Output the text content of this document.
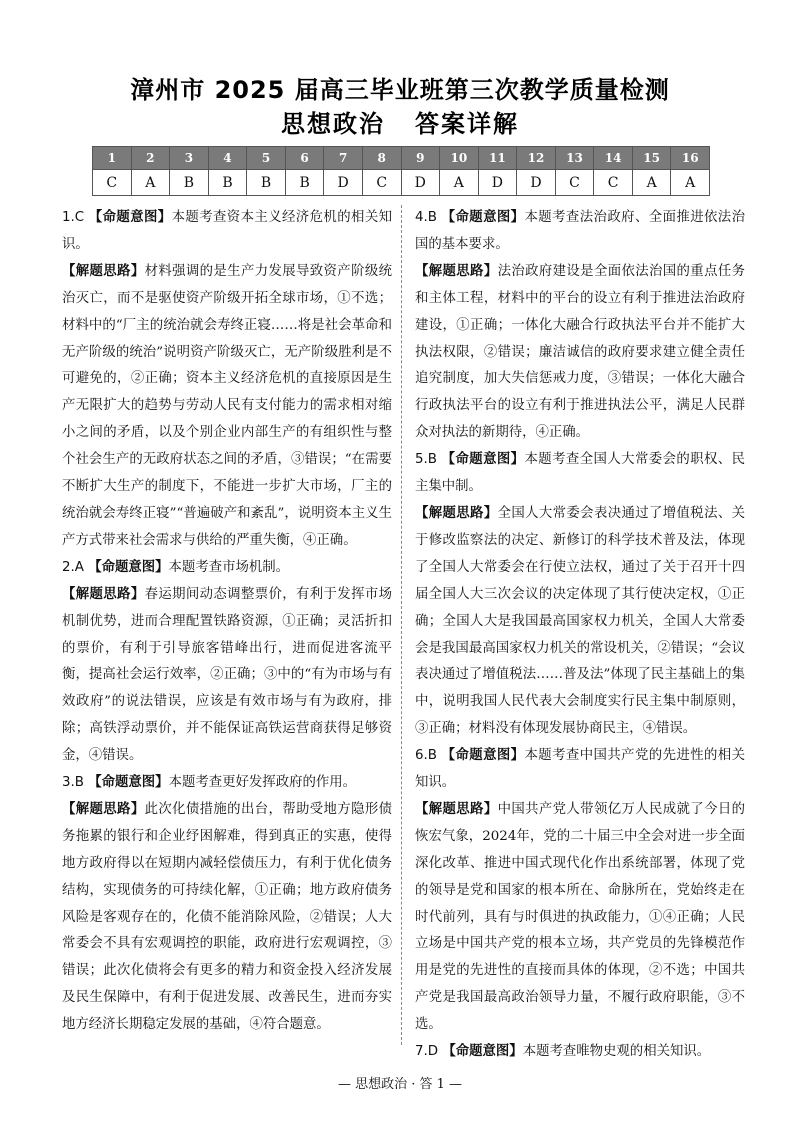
漳州市 2025 届高三毕业班第三次教学质量检测
思想政治 答案详解
1	2	3	4	5	6	7	8	9	10	11	12	13	14	15	16
C	A	B	B	B	B	D	C	D	A	D	D	C	C	A	A

1.C 【命题意图】本题考查资本主义经济危机的相关知识。

【解题思路】材料强调的是生产力发展导致资产阶级统治灭亡，而不是驱使资产阶级开拓全球市场，①不选；材料中的“厂主的统治就会寿终正寝……将是社会革命和无产阶级的统治”说明资产阶级灭亡，无产阶级胜利是不可避免的，②正确；资本主义经济危机的直接原因是生产无限扩大的趋势与劳动人民有支付能力的需求相对缩小之间的矛盾，以及个别企业内部生产的有组织性与整个社会生产的无政府状态之间的矛盾，③错误；“在需要不断扩大生产的制度下，不能进一步扩大市场，厂主的统治就会寿终正寝”“普遍破产和紊乱”，说明资本主义生产方式带来社会需求与供给的严重失衡，④正确。

2.A 【命题意图】本题考查市场机制。

【解题思路】春运期间动态调整票价，有利于发挥市场机制优势，进而合理配置铁路资源，①正确；灵活折扣的票价，有利于引导旅客错峰出行，进而促进客流平衡，提高社会运行效率，②正确；③中的“有为市场与有效政府”的说法错误，应该是有效市场与有为政府，排除；高铁浮动票价，并不能保证高铁运营商获得足够资金，④错误。

3.B 【命题意图】本题考查更好发挥政府的作用。

【解题思路】此次化债措施的出台，帮助受地方隐形债务拖累的银行和企业纾困解难，得到真正的实惠，使得地方政府得以在短期内减轻偿债压力，有利于优化债务结构，实现债务的可持续化解，①正确；地方政府债务风险是客观存在的，化债不能消除风险，②错误；人大常委会不具有宏观调控的职能，政府进行宏观调控，③错误；此次化债将会有更多的精力和资金投入经济发展及民生保障中，有利于促进发展、改善民生，进而夯实地方经济长期稳定发展的基础，④符合题意。

4.B 【命题意图】本题考查法治政府、全面推进依法治国的基本要求。

【解题思路】法治政府建设是全面依法治国的重点任务和主体工程，材料中的平台的设立有利于推进法治政府建设，①正确；一体化大融合行政执法平台并不能扩大执法权限，②错误；廉洁诚信的政府要求建立健全责任追究制度，加大失信惩戒力度，③错误；一体化大融合行政执法平台的设立有利于推进执法公平，满足人民群众对执法的新期待，④正确。

5.B 【命题意图】本题考查全国人大常委会的职权、民主集中制。

【解题思路】全国人大常委会表决通过了增值税法、关于修改监察法的决定、新修订的科学技术普及法，体现了全国人大常委会在行使立法权，通过了关于召开十四届全国人大三次会议的决定体现了其行使决定权，①正确；全国人大是我国最高国家权力机关，全国人大常委会是我国最高国家权力机关的常设机关，②错误；“会议表决通过了增值税法……普及法”体现了民主基础上的集中，说明我国人民代表大会制度实行民主集中制原则，③正确；材料没有体现发展协商民主，④错误。

6.B 【命题意图】本题考查中国共产党的先进性的相关知识。

【解题思路】中国共产党人带领亿万人民成就了今日的恢宏气象，2024年，党的二十届三中全会对进一步全面深化改革、推进中国式现代化作出系统部署，体现了党的领导是党和国家的根本所在、命脉所在，党始终走在时代前列，具有与时俱进的执政能力，①④正确；人民立场是中国共产党的根本立场，共产党员的先锋模范作用是党的先进性的直接而具体的体现，②不选；中国共产党是我国最高政治领导力量，不履行政府职能，③不选。

7.D 【命题意图】本题考查唯物史观的相关知识。

— 思想政治 · 答 1 —
